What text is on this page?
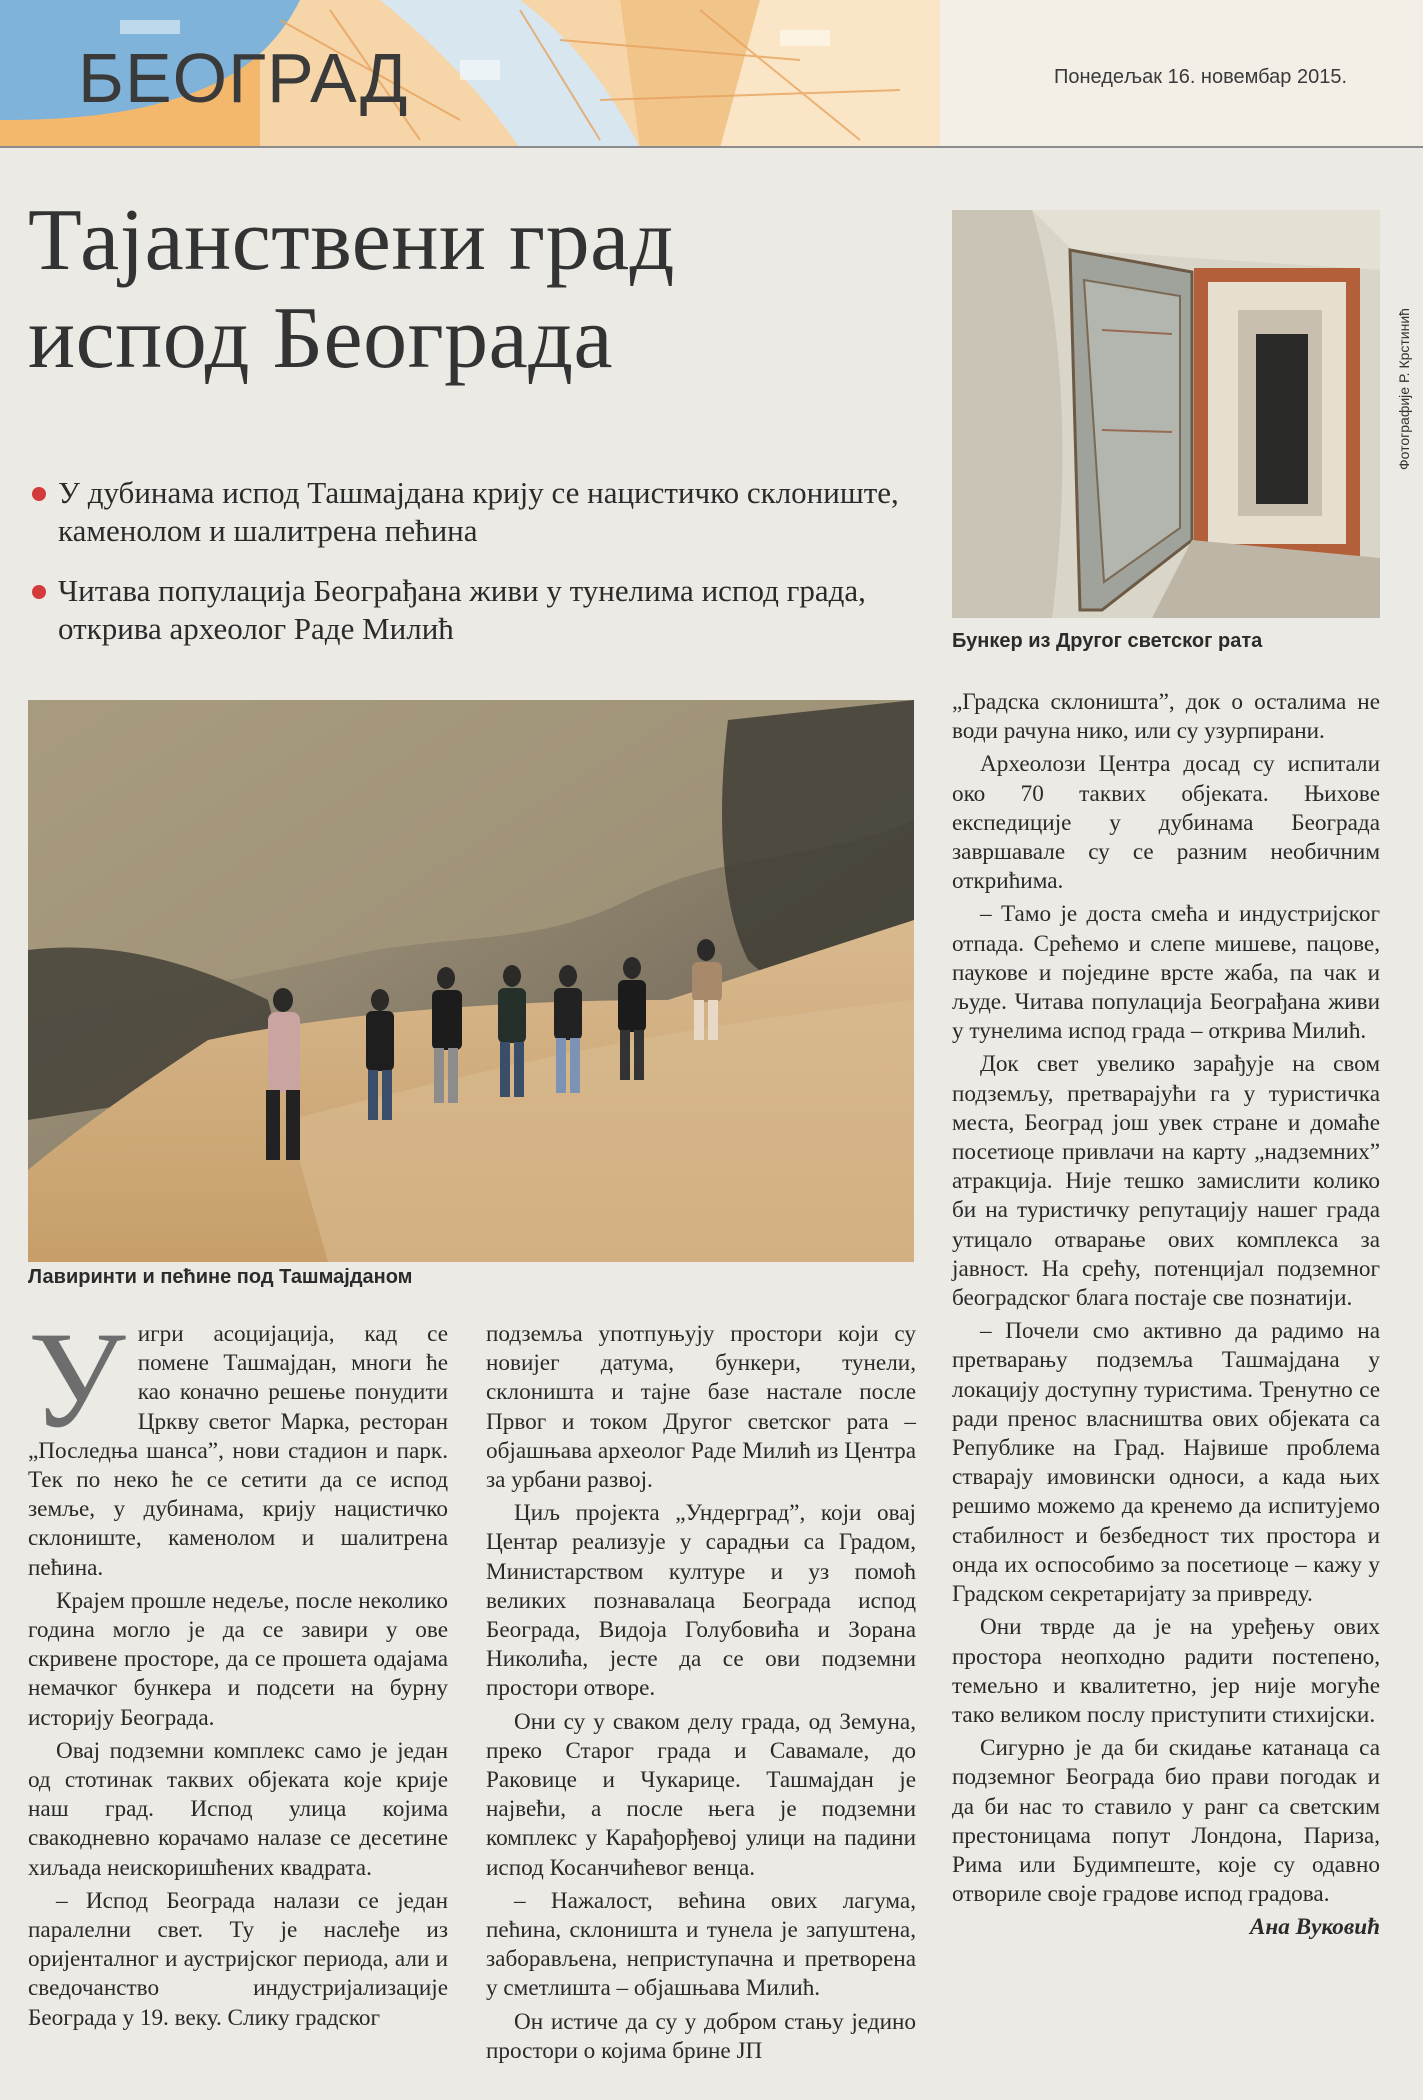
БЕОГРАД	Понедељак 16. новембар 2015.
Тајанствени град
испод Београда
У дубинама испод Ташмајдана крију се нацистичко склониште, каменолом и шалитрена пећина
Читава популација Београђана живи у тунелима испод града, открива археолог Раде Милић
Лавиринти и пећине под Ташмајданом
Фотографије Р. Крстинић
Бункер из Другог светског рата
У игри асоцијација, кад се помене Ташмајдан, многи ће као коначно решење понудити Цркву светог Марка, ресторан „Последња шанса”, нови стадион и парк. Тек по неко ће се сетити да се испод земље, у дубинама, крију нацистичко склониште, каменолом и шалитрена пећина.

Крајем прошле недеље, после неколико година могло је да се завири у ове скривене просторе, да се прошета одајама немачког бункера и подсети на бурну историју Београда.

Овај подземни комплекс само је један од стотинак таквих објеката које крије наш град. Испод улица којима свакодневно корачамо налазе се десетине хиљада неискоришћених квадрата.

– Испод Београда налази се један паралелни свет. Ту је наслеђе из оријенталног и аустријског периода, али и сведочанство индустријализације Београда у 19. веку. Слику градског

подземља употпуњују простори који су новијег датума, бункери, тунели, склоништа и тајне базе настале после Првог и током Другог светског рата – објашњава археолог Раде Милић из Центра за урбани развој.

Циљ пројекта „Ундерград”, који овај Центар реализује у сарадњи са Градом, Министарством културе и уз помоћ великих познавалаца Београда испод Београда, Видоја Голубовића и Зорана Николића, јесте да се ови подземни простори отворе.

Они су у сваком делу града, од Земуна, преко Старог града и Савамале, до Раковице и Чукарице. Ташмајдан је највећи, а после њега је подземни комплекс у Карађорђевој улици на падини испод Косанчићевог венца.

– Нажалост, већина ових лагума, пећина, склоништа и тунела је запуштена, заборављена, неприступачна и претворена у сметлишта – објашњава Милић.

Он истиче да су у добром стању једино простори о којима брине ЈП

„Градска склоништа”, док о осталима не води рачуна нико, или су узурпирани.

Археолози Центра досад су испитали око 70 таквих објеката. Њихове експедиције у дубинама Београда завршавале су се разним необичним открићима.

– Тамо је доста смећа и индустријског отпада. Срећемо и слепе мишеве, пацове, паукове и поједине врсте жаба, па чак и људе. Читава популација Београђана живи у тунелима испод града – открива Милић.

Док свет увелико зарађује на свом подземљу, претварајући га у туристичка места, Београд још увек стране и домаће посетиоце привлачи на карту „надземних” атракција. Није тешко замислити колико би на туристичку репутацију нашег града утицало отварање ових комплекса за јавност. На срећу, потенцијал подземног београдског блага постаје све познатији.

– Почели смо активно да радимо на претварању подземља Ташмајдана у локацију доступну туристима. Тренутно се ради пренос власништва ових објеката са Републике на Град. Највише проблема стварају имовински односи, а када њих решимо можемо да кренемо да испитујемо стабилност и безбедност тих простора и онда их оспособимо за посетиоце – кажу у Градском секретаријату за привреду.

Они тврде да је на уређењу ових простора неопходно радити постепено, темељно и квалитетно, јер није могуће тако великом послу приступити стихијски.

Сигурно је да би скидање катанаца са подземног Београда био прави погодак и да би нас то ставило у ранг са светским престоницама попут Лондона, Париза, Рима или Будимпеште, које су одавно отвориле своје градове испод градова.

Ана Вуковић
